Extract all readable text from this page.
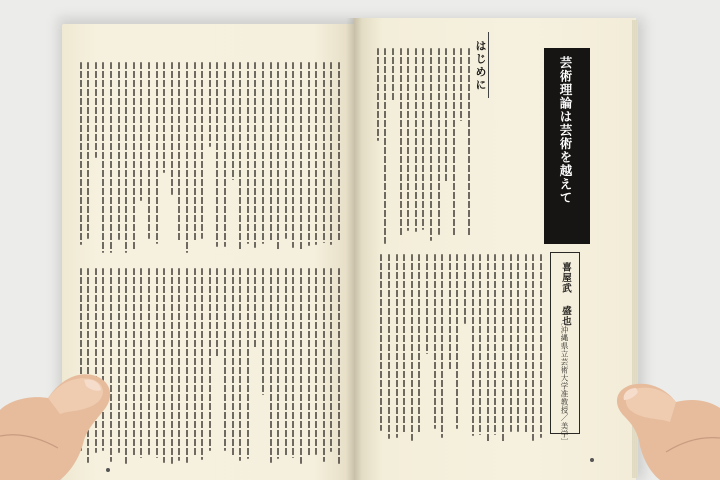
はじめに	芸術理論は芸術を越えて
喜屋武 盛也
〔沖縄県立芸術大学准教授／美学〕
